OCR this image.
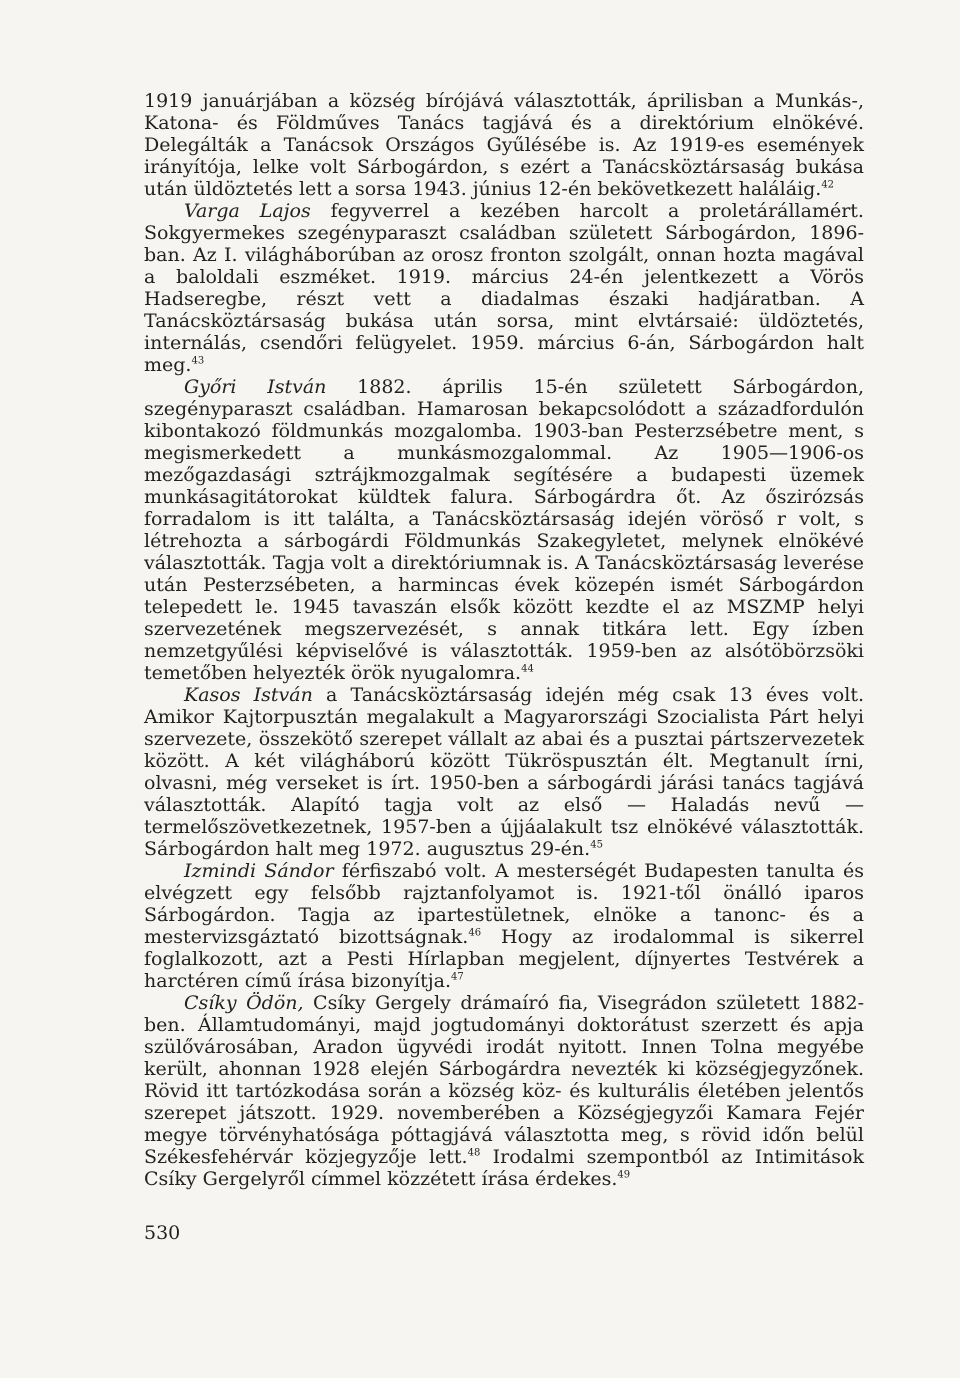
1919 januárjában a község bírójává választották, áprilisban a Munkás-, Katona- és Földműves Tanács tagjává és a direktórium elnökévé. Delegálták a Tanácsok Országos Gyűlésébe is. Az 1919-es események irányítója, lelke volt Sárbogárdon, s ezért a Tanácsköztársaság bukása után üldöztetés lett a sorsa 1943. június 12-én bekövetkezett haláláig.$^{42}$

Varga Lajos fegyverrel a kezében harcolt a proletárállamért. Sokgyermekes szegényparaszt családban született Sárbogárdon, 1896-ban. Az I. világháborúban az orosz fronton szolgált, onnan hozta magával a baloldali eszméket. 1919. március 24-én jelentkezett a Vörös Hadseregbe, részt vett a diadalmas északi hadjáratban. A Tanácsköztársaság bukása után sorsa, mint elvtársaié: üldöztetés, internálás, csendőri felügyelet. 1959. március 6-án, Sárbogárdon halt meg.$^{43}$

Győri István 1882. április 15-én született Sárbogárdon, szegényparaszt családban. Hamarosan bekapcsolódott a századfordulón kibontakozó földmunkás mozgalomba. 1903-ban Pesterzsébetre ment, s megismerkedett a munkásmozgalommal. Az 1905—1906-os mezőgazdasági sztrájkmozgalmak segítésére a budapesti üzemek munkásagitátorokat küldtek falura. Sárbogárdra őt. Az őszirózsás forradalom is itt találta, a Tanácsköztársaság idején vöröső r volt, s létrehozta a sárbogárdi Földmunkás Szakegyletet, melynek elnökévé választották. Tagja volt a direktóriumnak is. A Tanácsköztársaság leverése után Pesterzsébeten, a harmincas évek közepén ismét Sárbogárdon telepedett le. 1945 tavaszán elsők között kezdte el az MSZMP helyi szervezetének megszervezését, s annak titkára lett. Egy ízben nemzetgyűlési képviselővé is választották. 1959-ben az alsótöbörzsöki temetőben helyezték örök nyugalomra.$^{44}$

Kasos István a Tanácsköztársaság idején még csak 13 éves volt. Amikor Kajtorpusztán megalakult a Magyarországi Szocialista Párt helyi szervezete, összekötő szerepet vállalt az abai és a pusztai pártszervezetek között. A két világháború között Tükröspusztán élt. Megtanult írni, olvasni, még verseket is írt. 1950-ben a sárbogárdi járási tanács tagjává választották. Alapító tagja volt az első — Haladás nevű — termelőszövetkezetnek, 1957-ben a újjáalakult tsz elnökévé választották. Sárbogárdon halt meg 1972. augusztus 29-én.$^{45}$

Izmindi Sándor férfiszabó volt. A mesterségét Budapesten tanulta és elvégzett egy felsőbb rajztanfolyamot is. 1921-től önálló iparos Sárbogárdon. Tagja az ipartestületnek, elnöke a tanonc- és a mestervizsgáztató bizottságnak.$^{46}$ Hogy az irodalommal is sikerrel foglalkozott, azt a Pesti Hírlapban megjelent, díjnyertes Testvérek a harctéren című írása bizonyítja.$^{47}$

Csíky Ödön, Csíky Gergely drámaíró fia, Visegrádon született 1882-ben. Államtudományi, majd jogtudományi doktorátust szerzett és apja szülővárosában, Aradon ügyvédi irodát nyitott. Innen Tolna megyébe került, ahonnan 1928 elején Sárbogárdra nevezték ki községjegyzőnek. Rövid itt tartózkodása során a község köz- és kulturális életében jelentős szerepet játszott. 1929. novemberében a Községjegyzői Kamara Fejér megye törvényhatósága póttagjává választotta meg, s rövid időn belül Székesfehérvár közjegyzője lett.$^{48}$ Irodalmi szempontból az Intimitások Csíky Gergelyről címmel közzétett írása érdekes.$^{49}$

530
